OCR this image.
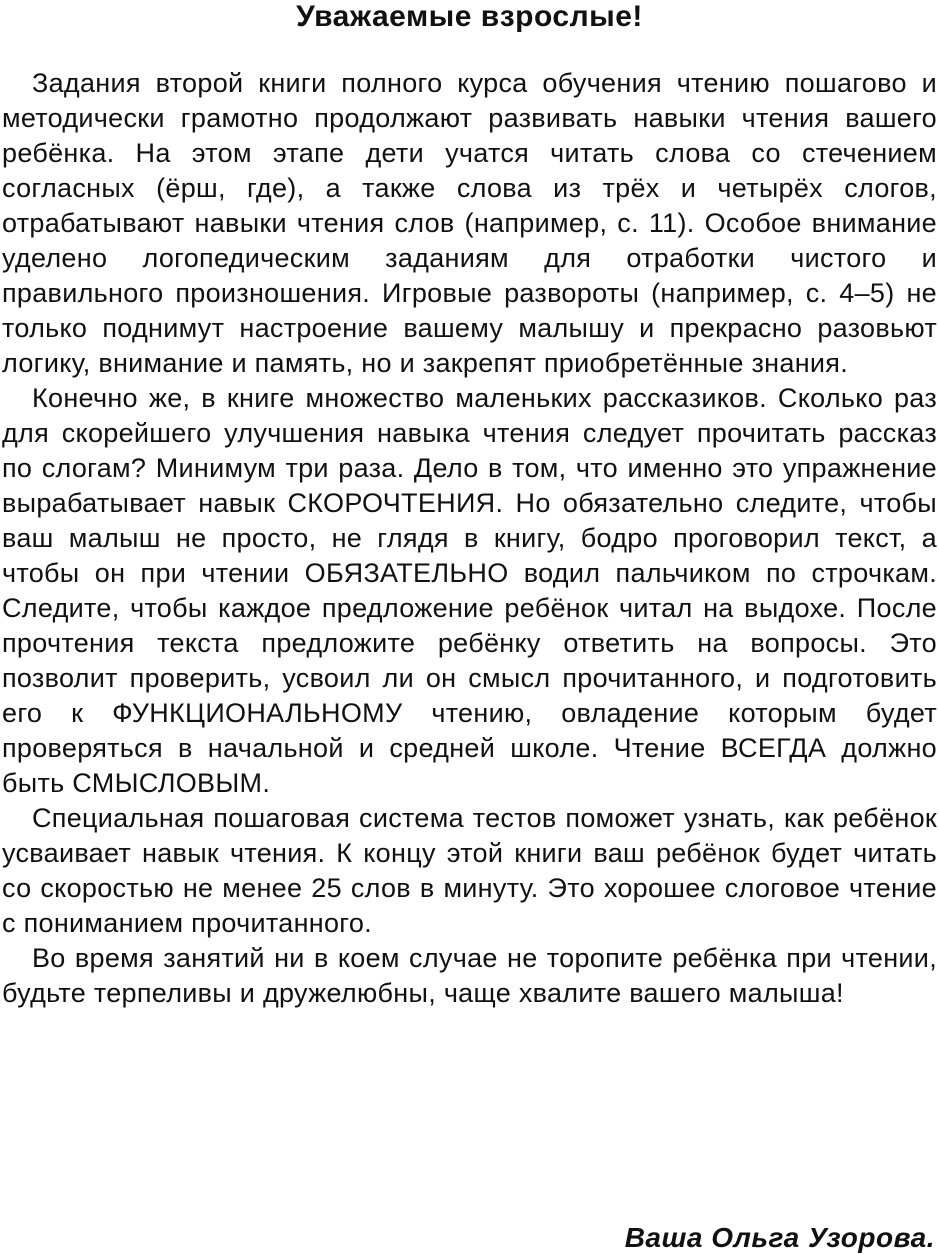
Уважаемые взрослые!

Задания второй книги полного курса обучения чтению пошагово и методически грамотно продолжают развивать навыки чтения вашего ребёнка. На этом этапе дети учатся читать слова со стечением согласных (ёрш, где), а также слова из трёх и четырёх слогов, отрабатывают навыки чтения слов (например, с. 11). Особое внимание уделено логопедическим заданиям для отработки чистого и правильного произношения. Игровые развороты (например, с. 4–5) не только поднимут настроение вашему малышу и прекрасно разовьют логику, внимание и память, но и закрепят приобретённые знания.

Конечно же, в книге множество маленьких рассказиков. Сколько раз для скорейшего улучшения навыка чтения следует прочитать рассказ по слогам? Минимум три раза. Дело в том, что именно это упражнение вырабатывает навык СКОРОЧТЕНИЯ. Но обязательно следите, чтобы ваш малыш не просто, не глядя в книгу, бодро проговорил текст, а чтобы он при чтении ОБЯЗАТЕЛЬНО водил пальчиком по строчкам. Следите, чтобы каждое предложение ребёнок читал на выдохе. После прочтения текста предложите ребёнку ответить на вопросы. Это позволит проверить, усвоил ли он смысл прочитанного, и подготовить его к ФУНКЦИОНАЛЬНОМУ чтению, овладение которым будет проверяться в начальной и средней школе. Чтение ВСЕГДА должно быть СМЫСЛОВЫМ.

Специальная пошаговая система тестов поможет узнать, как ребёнок усваивает навык чтения. К концу этой книги ваш ребёнок будет читать со скоростью не менее 25 слов в минуту. Это хорошее слоговое чтение с пониманием прочитанного.

Во время занятий ни в коем случае не торопите ребёнка при чтении, будьте терпеливы и дружелюбны, чаще хвалите вашего малыша!

Ваша Ольга Узорова.
